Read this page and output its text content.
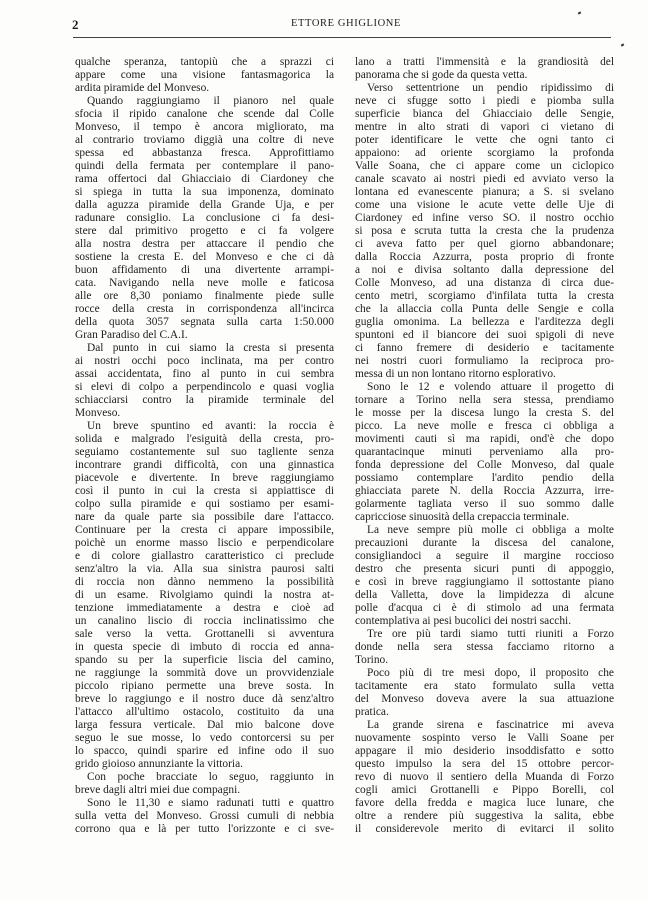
2	ETTORE GHIGLIONE
qualche speranza, tantopiù che a sprazzi ci
appare come una visione fantasmagorica la
ardita piramide del Monveso.
Quando raggiungiamo il pianoro nel quale
sfocia il ripido canalone che scende dal Colle
Monveso, il tempo è ancora migliorato, ma
al contrario troviamo diggià una coltre di neve
spessa ed abbastanza fresca. Approfittiamo
quindi della fermata per contemplare il pano-
rama offertoci dal Ghiacciaio di Ciardoney che
si spiega in tutta la sua imponenza, dominato
dalla aguzza piramide della Grande Uja, e per
radunare consiglio. La conclusione ci fa desi-
stere dal primitivo progetto e ci fa volgere
alla nostra destra per attaccare il pendio che
sostiene la cresta E. del Monveso e che ci dà
buon affidamento di una divertente arrampi-
cata. Navigando nella neve molle e faticosa
alle ore 8,30 poniamo finalmente piede sulle
rocce della cresta in corrispondenza all'incirca
della quota 3057 segnata sulla carta 1:50.000
Gran Paradiso del C.A.I.
Dal punto in cui siamo la cresta si presenta
ai nostri occhi poco inclinata, ma per contro
assai accidentata, fino al punto in cui sembra
si elevi di colpo a perpendincolo e quasi voglia
schiacciarsi contro la piramide terminale del
Monveso.
Un breve spuntino ed avanti: la roccia è
solida e malgrado l'esiguità della cresta, pro-
seguiamo costantemente sul suo tagliente senza
incontrare grandi difficoltà, con una ginnastica
piacevole e divertente. In breve raggiungiamo
così il punto in cui la cresta si appiattisce di
colpo sulla piramide e qui sostiamo per esami-
nare da quale parte sia possibile dare l'attacco.
Continuare per la cresta ci appare impossibile,
poichè un enorme masso liscio e perpendicolare
e di colore giallastro caratteristico ci preclude
senz'altro la via. Alla sua sinistra paurosi salti
di roccia non dànno nemmeno la possibilità
di un esame. Rivolgiamo quindi la nostra at-
tenzione immediatamente a destra e cioè ad
un canalino liscio di roccia inclinatissimo che
sale verso la vetta. Grottanelli si avventura
in questa specie di imbuto di roccia ed anna-
spando su per la superficie liscia del camino,
ne raggiunge la sommità dove un provvidenziale
piccolo ripiano permette una breve sosta. In
breve lo raggiungo e il nostro duce dà senz'altro
l'attacco all'ultimo ostacolo, costituito da una
larga fessura verticale. Dal mio balcone dove
seguo le sue mosse, lo vedo contorcersi su per
lo spacco, quindi sparire ed infine odo il suo
grido gioioso annunziante la vittoria.
Con poche bracciate lo seguo, raggiunto in
breve dagli altri miei due compagni.
Sono le 11,30 e siamo radunati tutti e quattro
sulla vetta del Monveso. Grossi cumuli di nebbia
corrono qua e là per tutto l'orizzonte e ci sve-
lano a tratti l'immensità e la grandiosità del
panorama che si gode da questa vetta.
Verso settentrione un pendio ripidissimo di
neve ci sfugge sotto i piedi e piomba sulla
superficie bianca del Ghiacciaio delle Sengie,
mentre in alto strati di vapori ci vietano di
poter identificare le vette che ogni tanto ci
appaiono: ad oriente scorgiamo la profonda
Valle Soana, che ci appare come un ciclopico
canale scavato ai nostri piedi ed avviato verso la
lontana ed evanescente pianura; a S. si svelano
come una visione le acute vette delle Uje di
Ciardoney ed infine verso SO. il nostro occhio
si posa e scruta tutta la cresta che la prudenza
ci aveva fatto per quel giorno abbandonare;
dalla Roccia Azzurra, posta proprio di fronte
a noi e divisa soltanto dalla depressione del
Colle Monveso, ad una distanza di circa due-
cento metri, scorgiamo d'infilata tutta la cresta
che la allaccia colla Punta delle Sengie e colla
guglia omonima. La bellezza e l'arditezza degli
spuntoni ed il biancore dei suoi spigoli di neve
ci fanno fremere di desiderio e tacitamente
nei nostri cuori formuliamo la reciproca pro-
messa di un non lontano ritorno esplorativo.
Sono le 12 e volendo attuare il progetto di
tornare a Torino nella sera stessa, prendiamo
le mosse per la discesa lungo la cresta S. del
picco. La neve molle e fresca ci obbliga a
movimenti cauti sì ma rapidi, ond'è che dopo
quarantacinque minuti perveniamo alla pro-
fonda depressione del Colle Monveso, dal quale
possiamo contemplare l'ardito pendio della
ghiacciata parete N. della Roccia Azzurra, irre-
golarmente tagliata verso il suo sommo dalle
capricciose sinuosità della crepaccia terminale.
La neve sempre più molle ci obbliga a molte
precauzioni durante la discesa del canalone,
consigliandoci a seguire il margine roccioso
destro che presenta sicuri punti di appoggio,
e così in breve raggiungiamo il sottostante piano
della Valletta, dove la limpidezza di alcune
polle d'acqua ci è di stimolo ad una fermata
contemplativa ai pesi bucolici dei nostri sacchi.
Tre ore più tardi siamo tutti riuniti a Forzo
donde nella sera stessa facciamo ritorno a
Torino.
Poco più di tre mesi dopo, il proposito che
tacitamente era stato formulato sulla vetta
del Monveso doveva avere la sua attuazione
pratica.
La grande sirena e fascinatrice mi aveva
nuovamente sospinto verso le Valli Soane per
appagare il mio desiderio insoddisfatto e sotto
questo impulso la sera del 15 ottobre percor-
revo di nuovo il sentiero della Muanda di Forzo
cogli amici Grottanelli e Pippo Borelli, col
favore della fredda e magica luce lunare, che
oltre a rendere più suggestiva la salita, ebbe
il considerevole merito di evitarci il solito
